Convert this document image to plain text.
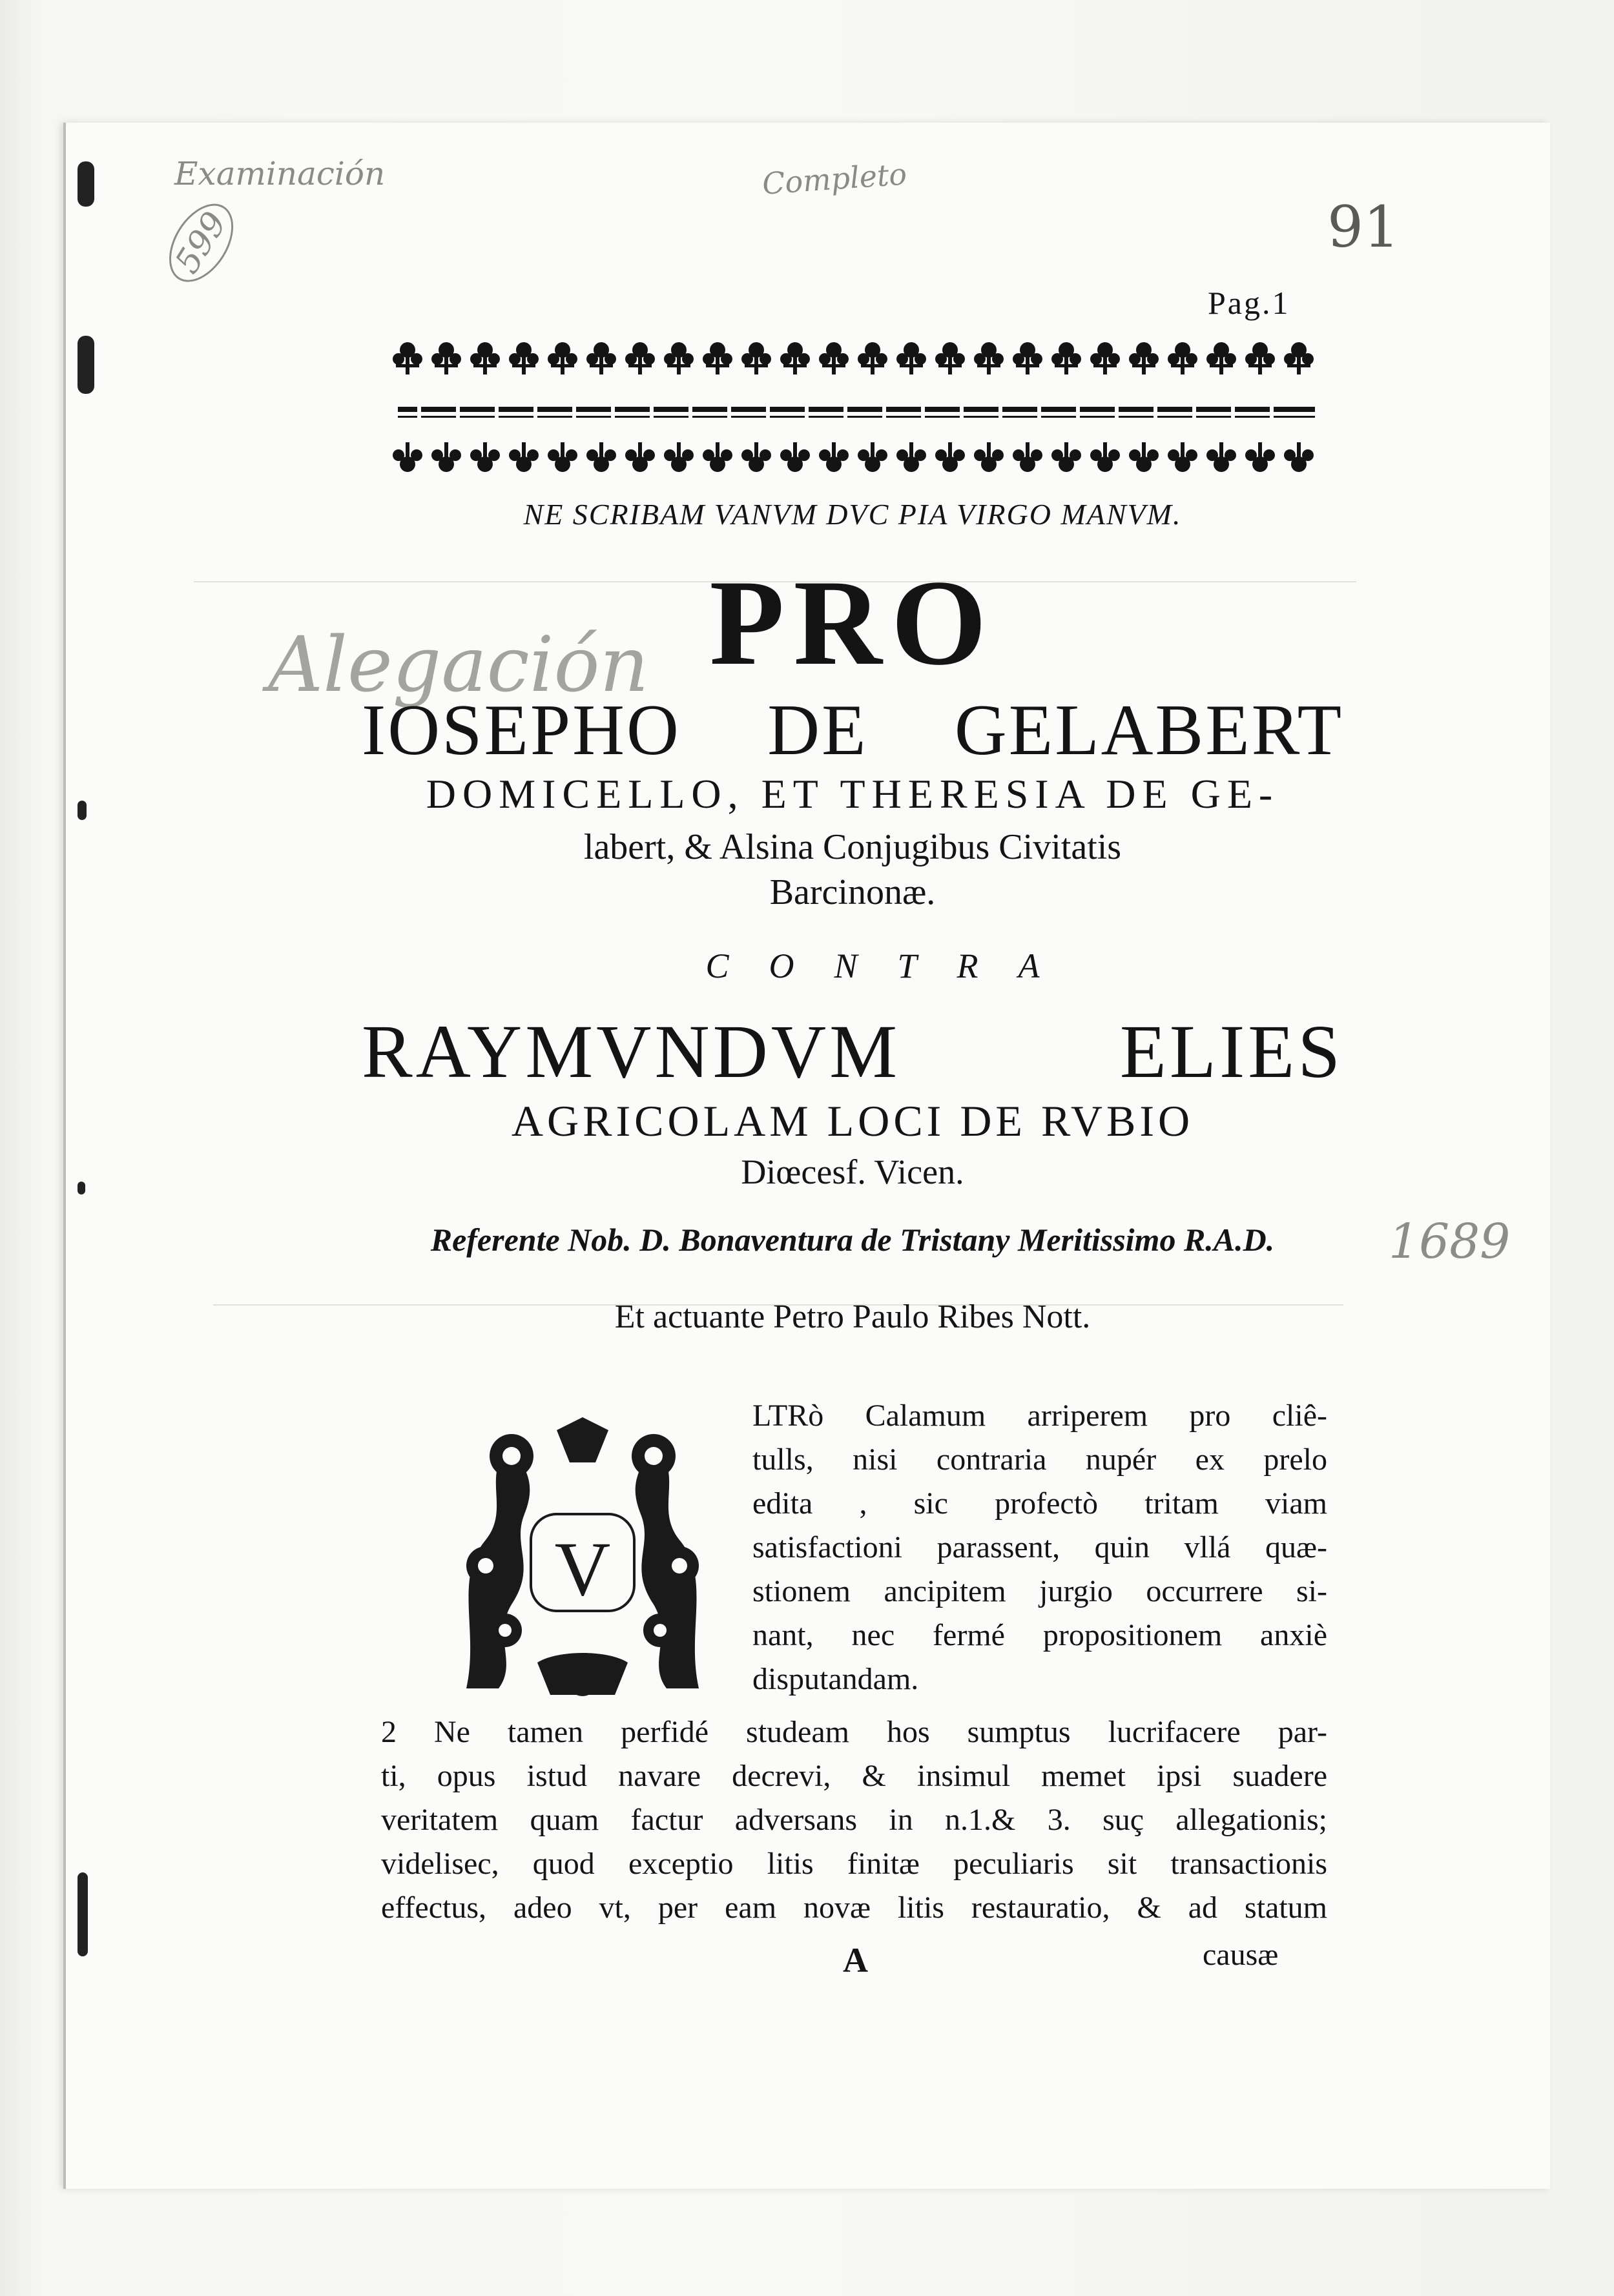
Examinación	Completo
599	91
Alegación
1689
Pag.1
NE SCRIBAM VANVM DVC PIA VIRGO MANVM.
PRO
IOSEPHO DE GELABERT
DOMICELLO, ET THERESIA DE GE-
labert, & Alsina Conjugibus Civitatis
Barcinonæ.
CONTRA
RAYMVNDVM ELIES
AGRICOLAM LOCI DE RVBIO
Diœcesf. Vicen.
Referente Nob. D. Bonaventura de Tristany Meritissimo R.A.D.
Et actuante Petro Paulo Ribes Nott.
V
LTRò Calamum arriperem pro cliê-
tulls, nisi contraria nupér ex prelo
edita , sic profectò tritam viam
satisfactioni parassent, quin vllá quæ-
stionem ancipitem jurgio occurrere si-
nant, nec fermé propositionem anxiè
disputandam.
2 Ne tamen perfidé studeam hos sumptus lucrifacere par-
ti, opus istud navare decrevi, & insimul memet ipsi suadere
veritatem quam factur adversans in n.1.& 3. suç allegationis;
videlisec, quod exceptio litis finitæ peculiaris sit transactionis
effectus, adeo vt, per eam novæ litis restauratio, & ad statum
A	causæ
